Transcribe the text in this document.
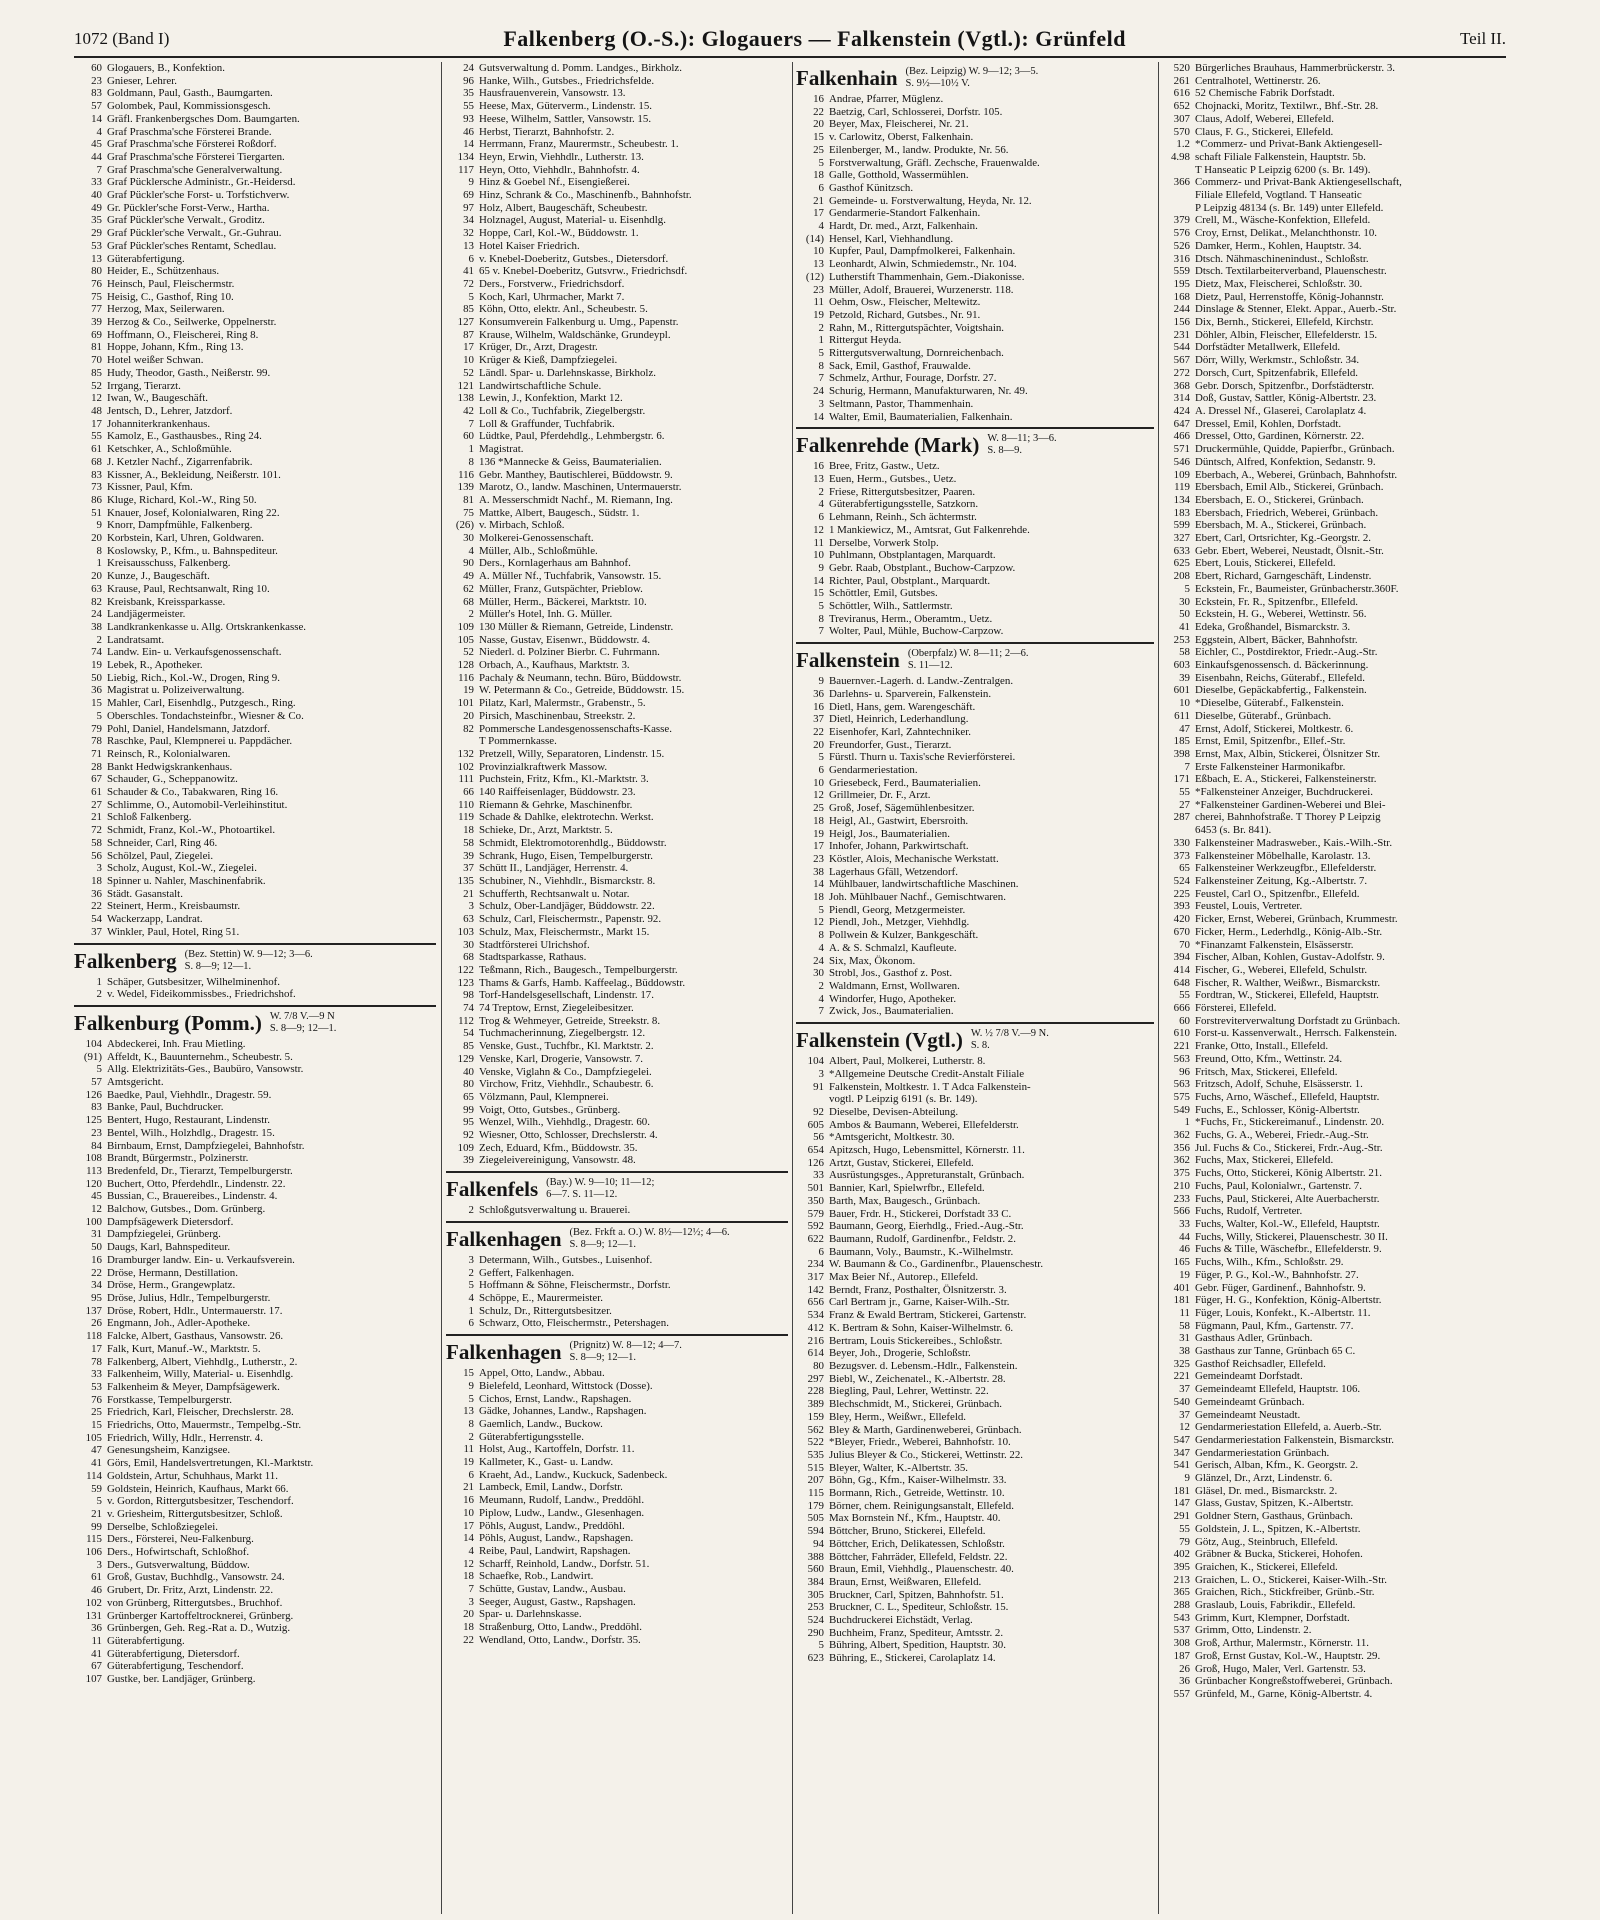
1072 (Band I)	Falkenberg (O.-S.): Glogauers — Falkenstein (Vgtl.): Grünfeld	Teil II.
60 Glogauers, B., Konfektion.
23 Gnieser, Lehrer.
83 Goldmann, Paul, Gasth., Baumgarten.
57 Golombek, Paul, Kommissionsgesch.
14 Gräfl. Frankenbergsches Dom. Baumgarten.
4 Graf Praschma'sche Försterei Brande.
45 Graf Praschma'sche Försterei Roßdorf.
44 Graf Praschma'sche Försterei Tiergarten.
7 Graf Praschma'sche Generalverwaltung.
33 Graf Pücklersche Administr., Gr.-Heidersd.
40 Graf Pückler'sche Forst- u. Torfstichverw.
49 Gr. Pückler'sche Forst-Verw., Hartha.
35 Graf Pückler'sche Verwalt., Groditz.
29 Graf Pückler'sche Verwalt., Gr.-Guhrau.
53 Graf Pückler'sches Rentamt, Schedlau.
13 Güterabfertigung.
80 Heider, E., Schützenhaus.
76 Heinsch, Paul, Fleischermstr.
75 Heisig, C., Gasthof, Ring 10.
77 Herzog, Max, Seilerwaren.
39 Herzog & Co., Seilwerke, Oppelnerstr.
69 Hoffmann, O., Fleischerei, Ring 8.
81 Hoppe, Johann, Kfm., Ring 13.
70 Hotel weißer Schwan.
85 Hudy, Theodor, Gasth., Neißerstr. 99.
52 Irrgang, Tierarzt.
12 Iwan, W., Baugeschäft.
48 Jentsch, D., Lehrer, Jatzdorf.
17 Johanniterkrankenhaus.
55 Kamolz, E., Gasthausbes., Ring 24.
61 Ketschker, A., Schloßmühle.
68 J. Ketzler Nachf., Zigarrenfabrik.
83 Kissner, A., Bekleidung, Neißerstr. 101.
73 Kissner, Paul, Kfm.
86 Kluge, Richard, Kol.-W., Ring 50.
51 Knauer, Josef, Kolonialwaren, Ring 22.
9 Knorr, Dampfmühle, Falkenberg.
20 Korbstein, Karl, Uhren, Goldwaren.
8 Koslowsky, P., Kfm., u. Bahnspediteur.
1 Kreisausschuss, Falkenberg.
20 Kunze, J., Baugeschäft.
63 Krause, Paul, Rechtsanwalt, Ring 10.
82 Kreisbank, Kreissparkasse.
24 Landjägermeister.
38 Landkrankenkasse u. Allg. Ortskrankenkasse.
2 Landratsamt.
74 Landw. Ein- u. Verkaufsgenossenschaft.
19 Lebek, R., Apotheker.
50 Liebig, Rich., Kol.-W., Drogen, Ring 9.
36 Magistrat u. Polizeiverwaltung.
15 Mahler, Carl, Eisenhdlg., Putzgesch., Ring.
5 Oberschles. Tondachsteinfbr., Wiesner & Co.
79 Pohl, Daniel, Handelsmann, Jatzdorf.
78 Raschke, Paul, Klempnerei u. Pappdächer.
71 Reinsch, R., Kolonialwaren.
28 Bankt Hedwigskrankenhaus.
67 Schauder, G., Scheppanowitz.
61 Schauder & Co., Tabakwaren, Ring 16.
27 Schlimme, O., Automobil-Verleihinstitut.
21 Schloß Falkenberg.
72 Schmidt, Franz, Kol.-W., Photoartikel.
58 Schneider, Carl, Ring 46.
56 Schölzel, Paul, Ziegelei.
3 Scholz, August, Kol.-W., Ziegelei.
18 Spinner u. Nahler, Maschinenfabrik.
36 Städt. Gasanstalt.
22 Steinert, Herm., Kreisbaumstr.
54 Wackerzapp, Landrat.
37 Winkler, Paul, Hotel, Ring 51.
Falkenberg (Bez. Stettin) W. 9—12; 3—6.
S. 8—9; 12—1.
1 Schäper, Gutsbesitzer, Wilhelminenhof.
2 v. Wedel, Fideikommissbes., Friedrichshof.
Falkenburg (Pomm.) W. 7/8 V.—9 N
S. 8—9; 12—1.
104 Abdeckerei, Inh. Frau Mietling.
(91) Affeldt, K., Bauunternehm., Scheubestr. 5.
5 Allg. Elektrizitäts-Ges., Baubüro, Vansowstr.
57 Amtsgericht.
126 Baedke, Paul, Viehhdlr., Dragestr. 59.
83 Banke, Paul, Buchdrucker.
125 Bentert, Hugo, Restaurant, Lindenstr.
23 Bentel, Wilh., Holzhdlg., Dragestr. 15.
84 Birnbaum, Ernst, Dampfziegelei, Bahnhofstr.
108 Brandt, Bürgermstr., Polzinerstr.
113 Bredenfeld, Dr., Tierarzt, Tempelburgerstr.
120 Buchert, Otto, Pferdehdlr., Lindenstr. 22.
45 Bussian, C., Brauereibes., Lindenstr. 4.
12 Balchow, Gutsbes., Dom. Grünberg.
100 Dampfsägewerk Dietersdorf.
31 Dampfziegelei, Grünberg.
50 Daugs, Karl, Bahnspediteur.
16 Dramburger landw. Ein- u. Verkaufsverein.
22 Dröse, Hermann, Destillation.
34 Dröse, Herm., Grangewplatz.
95 Dröse, Julius, Hdlr., Tempelburgerstr.
137 Dröse, Robert, Hdlr., Untermauerstr. 17.
26 Engmann, Joh., Adler-Apotheke.
118 Falcke, Albert, Gasthaus, Vansowstr. 26.
17 Falk, Kurt, Manuf.-W., Marktstr. 5.
78 Falkenberg, Albert, Viehhdlg., Lutherstr., 2.
33 Falkenheim, Willy, Material- u. Eisenhdlg.
53 Falkenheim & Meyer, Dampfsägewerk.
76 Forstkasse, Tempelburgerstr.
25 Friedrich, Karl, Fleischer, Drechslerstr. 28.
15 Friedrichs, Otto, Mauermstr., Tempelbg.-Str.
105 Friedrich, Willy, Hdlr., Herrenstr. 4.
47 Genesungsheim, Kanzigsee.
41 Görs, Emil, Handelsvertretungen, Kl.-Marktstr.
114 Goldstein, Artur, Schuhhaus, Markt 11.
59 Goldstein, Heinrich, Kaufhaus, Markt 66.
5 v. Gordon, Rittergutsbesitzer, Teschendorf.
21 v. Griesheim, Rittergutsbesitzer, Schloß.
99 Derselbe, Schloßziegelei.
115 Ders., Försterei, Neu-Falkenburg.
106 Ders., Hofwirtschaft, Schloßhof.
3 Ders., Gutsverwaltung, Büddow.
61 Groß, Gustav, Buchhdlg., Vansowstr. 24.
46 Grubert, Dr. Fritz, Arzt, Lindenstr. 22.
102 von Grünberg, Rittergutsbes., Bruchhof.
131 Grünberger Kartoffeltrocknerei, Grünberg.
36 Grünbergen, Geh. Reg.-Rat a. D., Wutzig.
11 Güterabfertigung.
41 Güterabfertigung, Dietersdorf.
67 Güterabfertigung, Teschendorf.
107 Gustke, ber. Landjäger, Grünberg.
24 Gutsverwaltung d. Pomm. Landges., Birkholz.
96 Hanke, Wilh., Gutsbes., Friedrichsfelde.
35 Hausfrauenverein, Vansowstr. 13.
55 Heese, Max, Güterverm., Lindenstr. 15.
93 Heese, Wilhelm, Sattler, Vansowstr. 15.
46 Herbst, Tierarzt, Bahnhofstr. 2.
14 Herrmann, Franz, Maurermstr., Scheubestr. 1.
134 Heyn, Erwin, Viehhdlr., Lutherstr. 13.
117 Heyn, Otto, Viehhdlr., Bahnhofstr. 4.
9 Hinz & Goebel Nf., Eisengießerei.
69 Hinz, Schrank & Co., Maschinenfb., Bahnhofstr.
97 Holz, Albert, Baugeschäft, Scheubestr.
34 Holznagel, August, Material- u. Eisenhdlg.
32 Hoppe, Carl, Kol.-W., Büddowstr. 1.
13 Hotel Kaiser Friedrich.
6 v. Knebel-Doeberitz, Gutsbes., Dietersdorf.
41 65 v. Knebel-Doeberitz, Gutsvrw., Friedrichsdf.
72 Ders., Forstverw., Friedrichsdorf.
5 Koch, Karl, Uhrmacher, Markt 7.
85 Köhn, Otto, elektr. Anl., Scheubestr. 5.
127 Konsumverein Falkenburg u. Umg., Papenstr.
87 Krause, Wilhelm, Waldschänke, Grundeypl.
17 Krüger, Dr., Arzt, Dragestr.
10 Krüger & Kieß, Dampfziegelei.
52 Ländl. Spar- u. Darlehnskasse, Birkholz.
121 Landwirtschaftliche Schule.
138 Lewin, J., Konfektion, Markt 12.
42 Loll & Co., Tuchfabrik, Ziegelbergstr.
7 Loll & Graffunder, Tuchfabrik.
60 Lüdtke, Paul, Pferdehdlg., Lehmbergstr. 6.
1 Magistrat.
8 136 *Mannecke & Geiss, Baumaterialien.
116 Gebr. Manthey, Bautischlerei, Büddowstr. 9.
139 Marotz, O., landw. Maschinen, Untermauerstr.
81 A. Messerschmidt Nachf., M. Riemann, Ing.
75 Mattke, Albert, Baugesch., Südstr. 1.
(26) v. Mirbach, Schloß.
30 Molkerei-Genossenschaft.
4 Müller, Alb., Schloßmühle.
90 Ders., Kornlagerhaus am Bahnhof.
49 A. Müller Nf., Tuchfabrik, Vansowstr. 15.
62 Müller, Franz, Gutspächter, Prieblow.
68 Müller, Herm., Bäckerei, Marktstr. 10.
2 Müller's Hotel, Inh. G. Müller.
109 130 Müller & Riemann, Getreide, Lindenstr.
105 Nasse, Gustav, Eisenwr., Büddowstr. 4.
52 Niederl. d. Polziner Bierbr. C. Fuhrmann.
128 Orbach, A., Kaufhaus, Marktstr. 3.
116 Pachaly & Neumann, techn. Büro, Büddowstr.
19 W. Petermann & Co., Getreide, Büddowstr. 15.
101 Pilatz, Karl, Malermstr., Grabenstr., 5.
20 Pirsich, Maschinenbau, Streekstr. 2.
82 Pommersche Landesgenossenschafts-Kasse.
T Pommernkasse.
132 Pretzell, Willy, Separatoren, Lindenstr. 15.
102 Provinzialkraftwerk Massow.
111 Puchstein, Fritz, Kfm., Kl.-Marktstr. 3.
66 140 Raiffeisenlager, Büddowstr. 23.
110 Riemann & Gehrke, Maschinenfbr.
119 Schade & Dahlke, elektrotechn. Werkst.
18 Schieke, Dr., Arzt, Marktstr. 5.
58 Schmidt, Elektromotorenhdlg., Büddowstr.
39 Schrank, Hugo, Eisen, Tempelburgerstr.
37 Schütt II., Landjäger, Herrenstr. 4.
135 Schubiner, N., Viehhdlr., Bismarckstr. 8.
21 Schufferth, Rechtsanwalt u. Notar.
3 Schulz, Ober-Landjäger, Büddowstr. 22.
63 Schulz, Carl, Fleischermstr., Papenstr. 92.
103 Schulz, Max, Fleischermstr., Markt 15.
30 Stadtförsterei Ulrichshof.
68 Stadtsparkasse, Rathaus.
122 Teßmann, Rich., Baugesch., Tempelburgerstr.
123 Thams & Garfs, Hamb. Kaffeelag., Büddowstr.
98 Torf-Handelsgesellschaft, Lindenstr. 17.
74 74 Treptow, Ernst, Ziegeleibesitzer.
112 Trog & Wehmeyer, Getreide, Streekstr. 8.
54 Tuchmacherinnung, Ziegelbergstr. 12.
85 Venske, Gust., Tuchfbr., Kl. Marktstr. 2.
129 Venske, Karl, Drogerie, Vansowstr. 7.
40 Venske, Viglahn & Co., Dampfziegelei.
80 Virchow, Fritz, Viehhdlr., Schaubestr. 6.
65 Völzmann, Paul, Klempnerei.
99 Voigt, Otto, Gutsbes., Grünberg.
95 Wenzel, Wilh., Viehhdlg., Dragestr. 60.
92 Wiesner, Otto, Schlosser, Drechslerstr. 4.
109 Zech, Eduard, Kfm., Büddowstr. 35.
39 Ziegeleivereinigung, Vansowstr. 48.
Falkenfels (Bay.) W. 9—10; 11—12;
6—7. S. 11—12.
2 Schloßgutsverwaltung u. Brauerei.
Falkenhagen (Bez. Frkft a. O.) W. 8½—12½; 4—6.
S. 8—9; 12—1.
3 Determann, Wilh., Gutsbes., Luisenhof.
2 Geffert, Falkenhagen.
5 Hoffmann & Söhne, Fleischermstr., Dorfstr.
4 Schöppe, E., Maurermeister.
1 Schulz, Dr., Rittergutsbesitzer.
6 Schwarz, Otto, Fleischermstr., Petershagen.
Falkenhagen (Prignitz) W. 8—12; 4—7.
S. 8—9; 12—1.
15 Appel, Otto, Landw., Abbau.
9 Bielefeld, Leonhard, Wittstock (Dosse).
5 Cichos, Ernst, Landw., Rapshagen.
13 Gädke, Johannes, Landw., Rapshagen.
8 Gaemlich, Landw., Buckow.
2 Güterabfertigungsstelle.
11 Holst, Aug., Kartoffeln, Dorfstr. 11.
19 Kallmeter, K., Gast- u. Landw.
6 Kraeht, Ad., Landw., Kuckuck, Sadenbeck.
21 Lambeck, Emil, Landw., Dorfstr.
16 Meumann, Rudolf, Landw., Preddöhl.
10 Piplow, Ludw., Landw., Glesenhagen.
17 Pöhls, August, Landw., Preddöhl.
14 Pöhls, August, Landw., Rapshagen.
4 Reibe, Paul, Landwirt, Rapshagen.
12 Scharff, Reinhold, Landw., Dorfstr. 51.
18 Schaefke, Rob., Landwirt.
7 Schütte, Gustav, Landw., Ausbau.
3 Seeger, August, Gastw., Rapshagen.
20 Spar- u. Darlehnskasse.
18 Straßenburg, Otto, Landw., Preddöhl.
22 Wendland, Otto, Landw., Dorfstr. 35.
Falkenhain (Bez. Leipzig) W. 9—12; 3—5.
S. 9½—10½ V.
16 Andrae, Pfarrer, Müglenz.
22 Baetzig, Carl, Schlosserei, Dorfstr. 105.
20 Beyer, Max, Fleischerei, Nr. 21.
15 v. Carlowitz, Oberst, Falkenhain.
25 Eilenberger, M., landw. Produkte, Nr. 56.
5 Forstverwaltung, Gräfl. Zechsche, Frauenwalde.
18 Galle, Gotthold, Wassermühlen.
6 Gasthof Künitzsch.
21 Gemeinde- u. Forstverwaltung, Heyda, Nr. 12.
17 Gendarmerie-Standort Falkenhain.
4 Hardt, Dr. med., Arzt, Falkenhain.
(14) Hensel, Karl, Viehhandlung.
10 Kupfer, Paul, Dampfmolkerei, Falkenhain.
13 Leonhardt, Alwin, Schmiedemstr., Nr. 104.
(12) Lutherstift Thammenhain, Gem.-Diakonisse.
23 Müller, Adolf, Brauerei, Wurzenerstr. 118.
11 Oehm, Osw., Fleischer, Meltewitz.
19 Petzold, Richard, Gutsbes., Nr. 91.
2 Rahn, M., Rittergutspächter, Voigtshain.
1 Rittergut Heyda.
5 Rittergutsverwaltung, Dornreichenbach.
8 Sack, Emil, Gasthof, Frauwalde.
7 Schmelz, Arthur, Fourage, Dorfstr. 27.
24 Schurig, Hermann, Manufakturwaren, Nr. 49.
3 Seltmann, Pastor, Thammenhain.
14 Walter, Emil, Baumaterialien, Falkenhain.
Falkenrehde (Mark) W. 8—11; 3—6.
S. 8—9.
16 Bree, Fritz, Gastw., Uetz.
13 Euen, Herm., Gutsbes., Uetz.
2 Friese, Rittergutsbesitzer, Paaren.
4 Güterabfertigungsstelle, Satzkorn.
6 Lehmann, Reinh., Sch ächtermstr.
12 1 Mankiewicz, M., Amtsrat, Gut Falkenrehde.
11 Derselbe, Vorwerk Stolp.
10 Puhlmann, Obstplantagen, Marquardt.
9 Gebr. Raab, Obstplant., Buchow-Carpzow.
14 Richter, Paul, Obstplant., Marquardt.
15 Schöttler, Emil, Gutsbes.
5 Schöttler, Wilh., Sattlermstr.
8 Treviranus, Herm., Oberamtm., Uetz.
7 Wolter, Paul, Mühle, Buchow-Carpzow.
Falkenstein (Oberpfalz) W. 8—11; 2—6.
S. 11—12.
9 Bauernver.-Lagerh. d. Landw.-Zentralgen.
36 Darlehns- u. Sparverein, Falkenstein.
16 Dietl, Hans, gem. Warengeschäft.
37 Dietl, Heinrich, Lederhandlung.
22 Eisenhofer, Karl, Zahntechniker.
20 Freundorfer, Gust., Tierarzt.
5 Fürstl. Thurn u. Taxis'sche Revierförsterei.
6 Gendarmeriestation.
10 Griesebeck, Ferd., Baumaterialien.
12 Grillmeier, Dr. F., Arzt.
25 Groß, Josef, Sägemühlenbesitzer.
18 Heigl, Al., Gastwirt, Ebersroith.
19 Heigl, Jos., Baumaterialien.
17 Inhofer, Johann, Parkwirtschaft.
23 Köstler, Alois, Mechanische Werkstatt.
38 Lagerhaus Gfäll, Wetzendorf.
14 Mühlbauer, landwirtschaftliche Maschinen.
18 Joh. Mühlbauer Nachf., Gemischtwaren.
5 Piendl, Georg, Metzgermeister.
12 Piendl, Joh., Metzger, Viehhdlg.
8 Pollwein & Kulzer, Bankgeschäft.
4 A. & S. Schmalzl, Kaufleute.
24 Six, Max, Ökonom.
30 Strobl, Jos., Gasthof z. Post.
2 Waldmann, Ernst, Wollwaren.
4 Windorfer, Hugo, Apotheker.
7 Zwick, Jos., Baumaterialien.
Falkenstein (Vgtl.) W. ½ 7/8 V.—9 N.
S. 8.
104 Albert, Paul, Molkerei, Lutherstr. 8.
3 *Allgemeine Deutsche Credit-Anstalt Filiale
91 Falkenstein, Moltkestr. 1. T Adca Falkenstein-
vogtl. P Leipzig 6191 (s. Br. 149).
92 Dieselbe, Devisen-Abteilung.
605 Ambos & Baumann, Weberei, Ellefelderstr.
56 *Amtsgericht, Moltkestr. 30.
654 Apitzsch, Hugo, Lebensmittel, Körnerstr. 11.
126 Artzt, Gustav, Stickerei, Ellefeld.
33 Ausrüstungsges., Appreturanstalt, Grünbach.
501 Bannier, Karl, Spielwrfbr., Ellefeld.
350 Barth, Max, Baugesch., Grünbach.
579 Bauer, Frdr. H., Stickerei, Dorfstadt 33 C.
592 Baumann, Georg, Eierhdlg., Fried.-Aug.-Str.
622 Baumann, Rudolf, Gardinenfbr., Feldstr. 2.
6 Baumann, Voly., Baumstr., K.-Wilhelmstr.
234 W. Baumann & Co., Gardinenfbr., Plauenschestr.
317 Max Beier Nf., Autorep., Ellefeld.
142 Berndt, Franz, Posthalter, Ölsnitzerstr. 3.
656 Carl Bertram jr., Garne, Kaiser-Wilh.-Str.
534 Franz & Ewald Bertram, Stickerei, Gartenstr.
412 K. Bertram & Sohn, Kaiser-Wilhelmstr. 6.
216 Bertram, Louis Stickereibes., Schloßstr.
614 Beyer, Joh., Drogerie, Schloßstr.
80 Bezugsver. d. Lebensm.-Hdlr., Falkenstein.
297 Biebl, W., Zeichenatel., K.-Albertstr. 28.
228 Biegling, Paul, Lehrer, Wettinstr. 22.
389 Blechschmidt, M., Stickerei, Grünbach.
159 Bley, Herm., Weißwr., Ellefeld.
562 Bley & Marth, Gardinenweberei, Grünbach.
522 *Bleyer, Friedr., Weberei, Bahnhofstr. 10.
535 Julius Bleyer & Co., Stickerei, Wettinstr. 22.
515 Bleyer, Walter, K.-Albertstr. 35.
207 Böhn, Gg., Kfm., Kaiser-Wilhelmstr. 33.
115 Bormann, Rich., Getreide, Wettinstr. 10.
179 Börner, chem. Reinigungsanstalt, Ellefeld.
505 Max Bornstein Nf., Kfm., Hauptstr. 40.
594 Böttcher, Bruno, Stickerei, Ellefeld.
94 Böttcher, Erich, Delikatessen, Schloßstr.
388 Böttcher, Fahrräder, Ellefeld, Feldstr. 22.
560 Braun, Emil, Viehhdlg., Plauenschestr. 40.
384 Braun, Ernst, Weißwaren, Ellefeld.
305 Bruckner, Carl, Spitzen, Bahnhofstr. 51.
253 Bruckner, C. L., Spediteur, Schloßstr. 15.
524 Buchdruckerei Eichstädt, Verlag.
290 Buchheim, Franz, Spediteur, Amtsstr. 2.
5 Bühring, Albert, Spedition, Hauptstr. 30.
623 Bühring, E., Stickerei, Carolaplatz 14.
520 Bürgerliches Brauhaus, Hammerbrückerstr. 3.
261 Centralhotel, Wettinerstr. 26.
616 52 Chemische Fabrik Dorfstadt.
652 Chojnacki, Moritz, Textilwr., Bhf.-Str. 28.
307 Claus, Adolf, Weberei, Ellefeld.
570 Claus, F. G., Stickerei, Ellefeld.
1.2 *Commerz- und Privat-Bank Aktiengesell-
4.98 schaft Filiale Falkenstein, Hauptstr. 5b.
T Hanseatic P Leipzig 6200 (s. Br. 149).
366 Commerz- und Privat-Bank Aktiengesellschaft,
Filiale Ellefeld, Vogtland. T Hanseatic
P Leipzig 48134 (s. Br. 149) unter Ellefeld.
379 Crell, M., Wäsche-Konfektion, Ellefeld.
576 Croy, Ernst, Delikat., Melanchthonstr. 10.
526 Damker, Herm., Kohlen, Hauptstr. 34.
316 Dtsch. Nähmaschinenindust., Schloßstr.
559 Dtsch. Textilarbeiterverband, Plauenschestr.
195 Dietz, Max, Fleischerei, Schloßstr. 30.
168 Dietz, Paul, Herrenstoffe, König-Johannstr.
244 Dinslage & Stenner, Elekt. Appar., Auerb.-Str.
156 Dix, Bernh., Stickerei, Ellefeld, Kirchstr.
231 Döhler, Albin, Fleischer, Ellefelderstr. 15.
544 Dorfstädter Metallwerk, Ellefeld.
567 Dörr, Willy, Werkmstr., Schloßstr. 34.
272 Dorsch, Curt, Spitzenfabrik, Ellefeld.
368 Gebr. Dorsch, Spitzenfbr., Dorfstädterstr.
314 Doß, Gustav, Sattler, König-Albertstr. 23.
424 A. Dressel Nf., Glaserei, Carolaplatz 4.
647 Dressel, Emil, Kohlen, Dorfstadt.
466 Dressel, Otto, Gardinen, Körnerstr. 22.
571 Druckermühle, Quidde, Papierfbr., Grünbach.
546 Düntsch, Alfred, Konfektion, Sedanstr. 9.
109 Eberbach, A., Weberei, Grünbach, Bahnhofstr.
119 Ebersbach, Emil Alb., Stickerei, Grünbach.
134 Ebersbach, E. O., Stickerei, Grünbach.
183 Ebersbach, Friedrich, Weberei, Grünbach.
599 Ebersbach, M. A., Stickerei, Grünbach.
327 Ebert, Carl, Ortsrichter, Kg.-Georgstr. 2.
633 Gebr. Ebert, Weberei, Neustadt, Ölsnit.-Str.
625 Ebert, Louis, Stickerei, Ellefeld.
208 Ebert, Richard, Garngeschäft, Lindenstr.
5 Eckstein, Fr., Baumeister, Grünbacherstr.360F.
30 Eckstein, Fr. R., Spitzenfbr., Ellefeld.
50 Eckstein, H. G., Weberei, Wettinstr. 56.
41 Edeka, Großhandel, Bismarckstr. 3.
253 Eggstein, Albert, Bäcker, Bahnhofstr.
58 Eichler, C., Postdirektor, Friedr.-Aug.-Str.
603 Einkaufsgenossensch. d. Bäckerinnung.
39 Eisenbahn, Reichs, Güterabf., Ellefeld.
601 Dieselbe, Gepäckabfertig., Falkenstein.
10 *Dieselbe, Güterabf., Falkenstein.
611 Dieselbe, Güterabf., Grünbach.
47 Ernst, Adolf, Stickerei, Moltkestr. 6.
185 Ernst, Emil, Spitzenfbr., Ellef.-Str.
398 Ernst, Max, Albin, Stickerei, Ölsnitzer Str.
7 Erste Falkensteiner Harmonikafbr.
171 Eßbach, E. A., Stickerei, Falkensteinerstr.
55 *Falkensteiner Anzeiger, Buchdruckerei.
27 *Falkensteiner Gardinen-Weberei und Blei-
287 cherei, Bahnhofstraße. T Thorey P Leipzig
6453 (s. Br. 841).
330 Falkensteiner Madrasweber., Kais.-Wilh.-Str.
373 Falkensteiner Möbelhalle, Karolastr. 13.
65 Falkensteiner Werkzeugfbr., Ellefelderstr.
524 Falkensteiner Zeitung, Kg.-Albertstr. 7.
225 Feustel, Carl O., Spitzenfbr., Ellefeld.
393 Feustel, Louis, Vertreter.
420 Ficker, Ernst, Weberei, Grünbach, Krummestr.
670 Ficker, Herm., Lederhdlg., König-Alb.-Str.
70 *Finanzamt Falkenstein, Elsässerstr.
394 Fischer, Alban, Kohlen, Gustav-Adolfstr. 9.
414 Fischer, G., Weberei, Ellefeld, Schulstr.
648 Fischer, R. Walther, Weißwr., Bismarckstr.
55 Fordtran, W., Stickerei, Ellefeld, Hauptstr.
666 Försterei, Ellefeld.
60 Forstreviterverwaltung Dorfstadt zu Grünbach.
610 Forst-u. Kassenverwalt., Herrsch. Falkenstein.
221 Franke, Otto, Install., Ellefeld.
563 Freund, Otto, Kfm., Wettinstr. 24.
96 Fritsch, Max, Stickerei, Ellefeld.
563 Fritzsch, Adolf, Schuhe, Elsässerstr. 1.
575 Fuchs, Arno, Wäschef., Ellefeld, Hauptstr.
549 Fuchs, E., Schlosser, König-Albertstr.
1 *Fuchs, Fr., Stickereimanuf., Lindenstr. 20.
362 Fuchs, G. A., Weberei, Friedr.-Aug.-Str.
356 Jul. Fuchs & Co., Stickerei, Frdr.-Aug.-Str.
362 Fuchs, Max, Stickerei, Ellefeld.
375 Fuchs, Otto, Stickerei, König Albertstr. 21.
210 Fuchs, Paul, Kolonialwr., Gartenstr. 7.
233 Fuchs, Paul, Stickerei, Alte Auerbacherstr.
566 Fuchs, Rudolf, Vertreter.
33 Fuchs, Walter, Kol.-W., Ellefeld, Hauptstr.
44 Fuchs, Willy, Stickerei, Plauenschestr. 30 II.
46 Fuchs & Tille, Wäschefbr., Ellefelderstr. 9.
165 Fuchs, Wilh., Kfm., Schloßstr. 29.
19 Füger, P. G., Kol.-W., Bahnhofstr. 27.
401 Gebr. Füger, Gardinenf., Bahnhofstr. 9.
181 Füger, H. G., Konfektion, König-Albertstr.
11 Füger, Louis, Konfekt., K.-Albertstr. 11.
58 Fügmann, Paul, Kfm., Gartenstr. 77.
31 Gasthaus Adler, Grünbach.
38 Gasthaus zur Tanne, Grünbach 65 C.
325 Gasthof Reichsadler, Ellefeld.
221 Gemeindeamt Dorfstadt.
37 Gemeindeamt Ellefeld, Hauptstr. 106.
540 Gemeindeamt Grünbach.
37 Gemeindeamt Neustadt.
12 Gendarmeriestation Ellefeld, a. Auerb.-Str.
547 Gendarmeriestation Falkenstein, Bismarckstr.
347 Gendarmeriestation Grünbach.
541 Gerisch, Alban, Kfm., K. Georgstr. 2.
9 Glänzel, Dr., Arzt, Lindenstr. 6.
181 Gläsel, Dr. med., Bismarckstr. 2.
147 Glass, Gustav, Spitzen, K.-Albertstr.
291 Goldner Stern, Gasthaus, Grünbach.
55 Goldstein, J. L., Spitzen, K.-Albertstr.
79 Götz, Aug., Steinbruch, Ellefeld.
402 Gräbner & Bucka, Stickerei, Hohofen.
395 Graichen, K., Stickerei, Ellefeld.
213 Graichen, L. O., Stickerei, Kaiser-Wilh.-Str.
365 Graichen, Rich., Stickfreiber, Grünb.-Str.
288 Graslaub, Louis, Fabrikdir., Ellefeld.
543 Grimm, Kurt, Klempner, Dorfstadt.
537 Grimm, Otto, Lindenstr. 2.
308 Groß, Arthur, Malermstr., Körnerstr. 11.
187 Groß, Ernst Gustav, Kol.-W., Hauptstr. 29.
26 Groß, Hugo, Maler, Verl. Gartenstr. 53.
36 Grünbacher Kongreßstoffweberei, Grünbach.
557 Grünfeld, M., Garne, König-Albertstr. 4.
